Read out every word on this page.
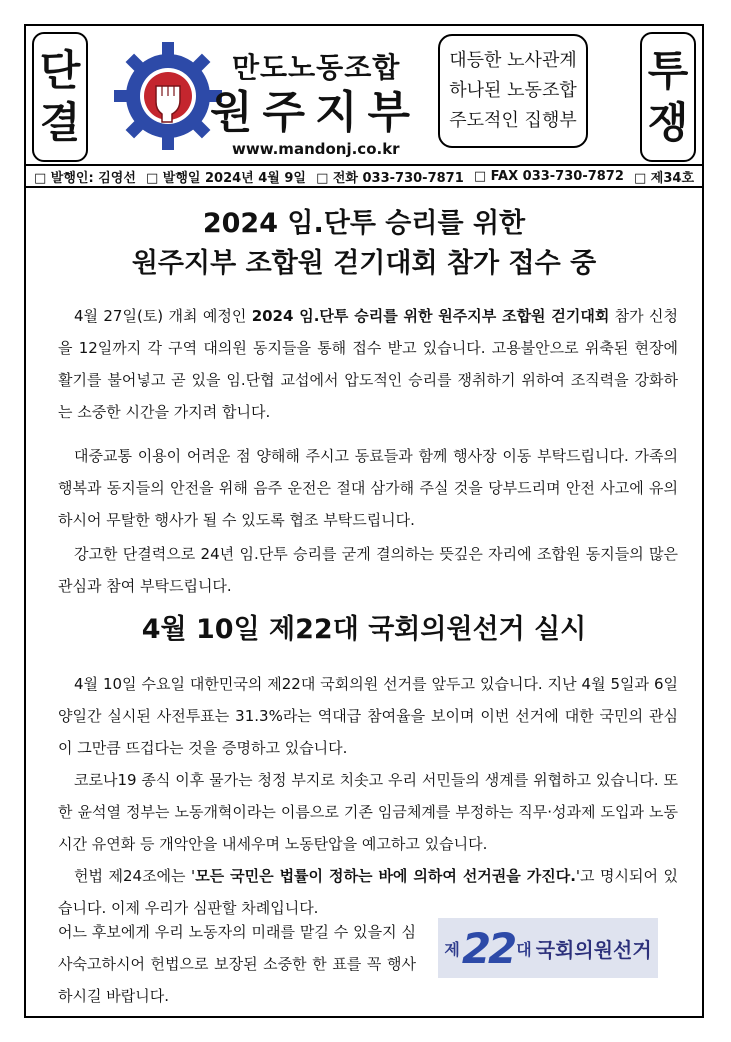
단
결
만도노동조합
원주지부
www.mandonj.co.kr
대등한 노사관계
하나된 노동조합
주도적인 집행부
투
쟁
□ 발행인: 김영선 □ 발행일 2024년 4월 9일 □ 전화 033-730-7871 □ FAX 033-730-7872 □ 제34호
2024 임.단투 승리를 위한
원주지부 조합원 걷기대회 참가 접수 중

4월 27일(토) 개최 예정인 2024 임.단투 승리를 위한 원주지부 조합원 걷기대회 참가 신청을 12일까지 각 구역 대의원 동지들을 통해 접수 받고 있습니다. 고용불안으로 위축된 현장에 활기를 불어넣고 곧 있을 임.단협 교섭에서 압도적인 승리를 쟁취하기 위하여 조직력을 강화하는 소중한 시간을 가지려 합니다.

대중교통 이용이 어려운 점 양해해 주시고 동료들과 함께 행사장 이동 부탁드립니다. 가족의 행복과 동지들의 안전을 위해 음주 운전은 절대 삼가해 주실 것을 당부드리며 안전 사고에 유의하시어 무탈한 행사가 될 수 있도록 협조 부탁드립니다.

강고한 단결력으로 24년 임.단투 승리를 굳게 결의하는 뜻깊은 자리에 조합원 동지들의 많은 관심과 참여 부탁드립니다.

4월 10일 제22대 국회의원선거 실시

4월 10일 수요일 대한민국의 제22대 국회의원 선거를 앞두고 있습니다. 지난 4월 5일과 6일 양일간 실시된 사전투표는 31.3%라는 역대급 참여율을 보이며 이번 선거에 대한 국민의 관심이 그만큼 뜨겁다는 것을 증명하고 있습니다.

코로나19 종식 이후 물가는 청정 부지로 치솟고 우리 서민들의 생계를 위협하고 있습니다. 또한 윤석열 정부는 노동개혁이라는 이름으로 기존 임금체계를 부정하는 직무·성과제 도입과 노동시간 유연화 등 개악안을 내세우며 노동탄압을 예고하고 있습니다.

헌법 제24조에는 '모든 국민은 법률이 정하는 바에 의하여 선거권을 가진다.'고 명시되어 있습니다. 이제 우리가 심판할 차례입니다.

어느 후보에게 우리 노동자의 미래를 맡길 수 있을지 심사숙고하시어 헌법으로 보장된 소중한 한 표를 꼭 행사하시길 바랍니다.

제 22 대 국회의원선거
